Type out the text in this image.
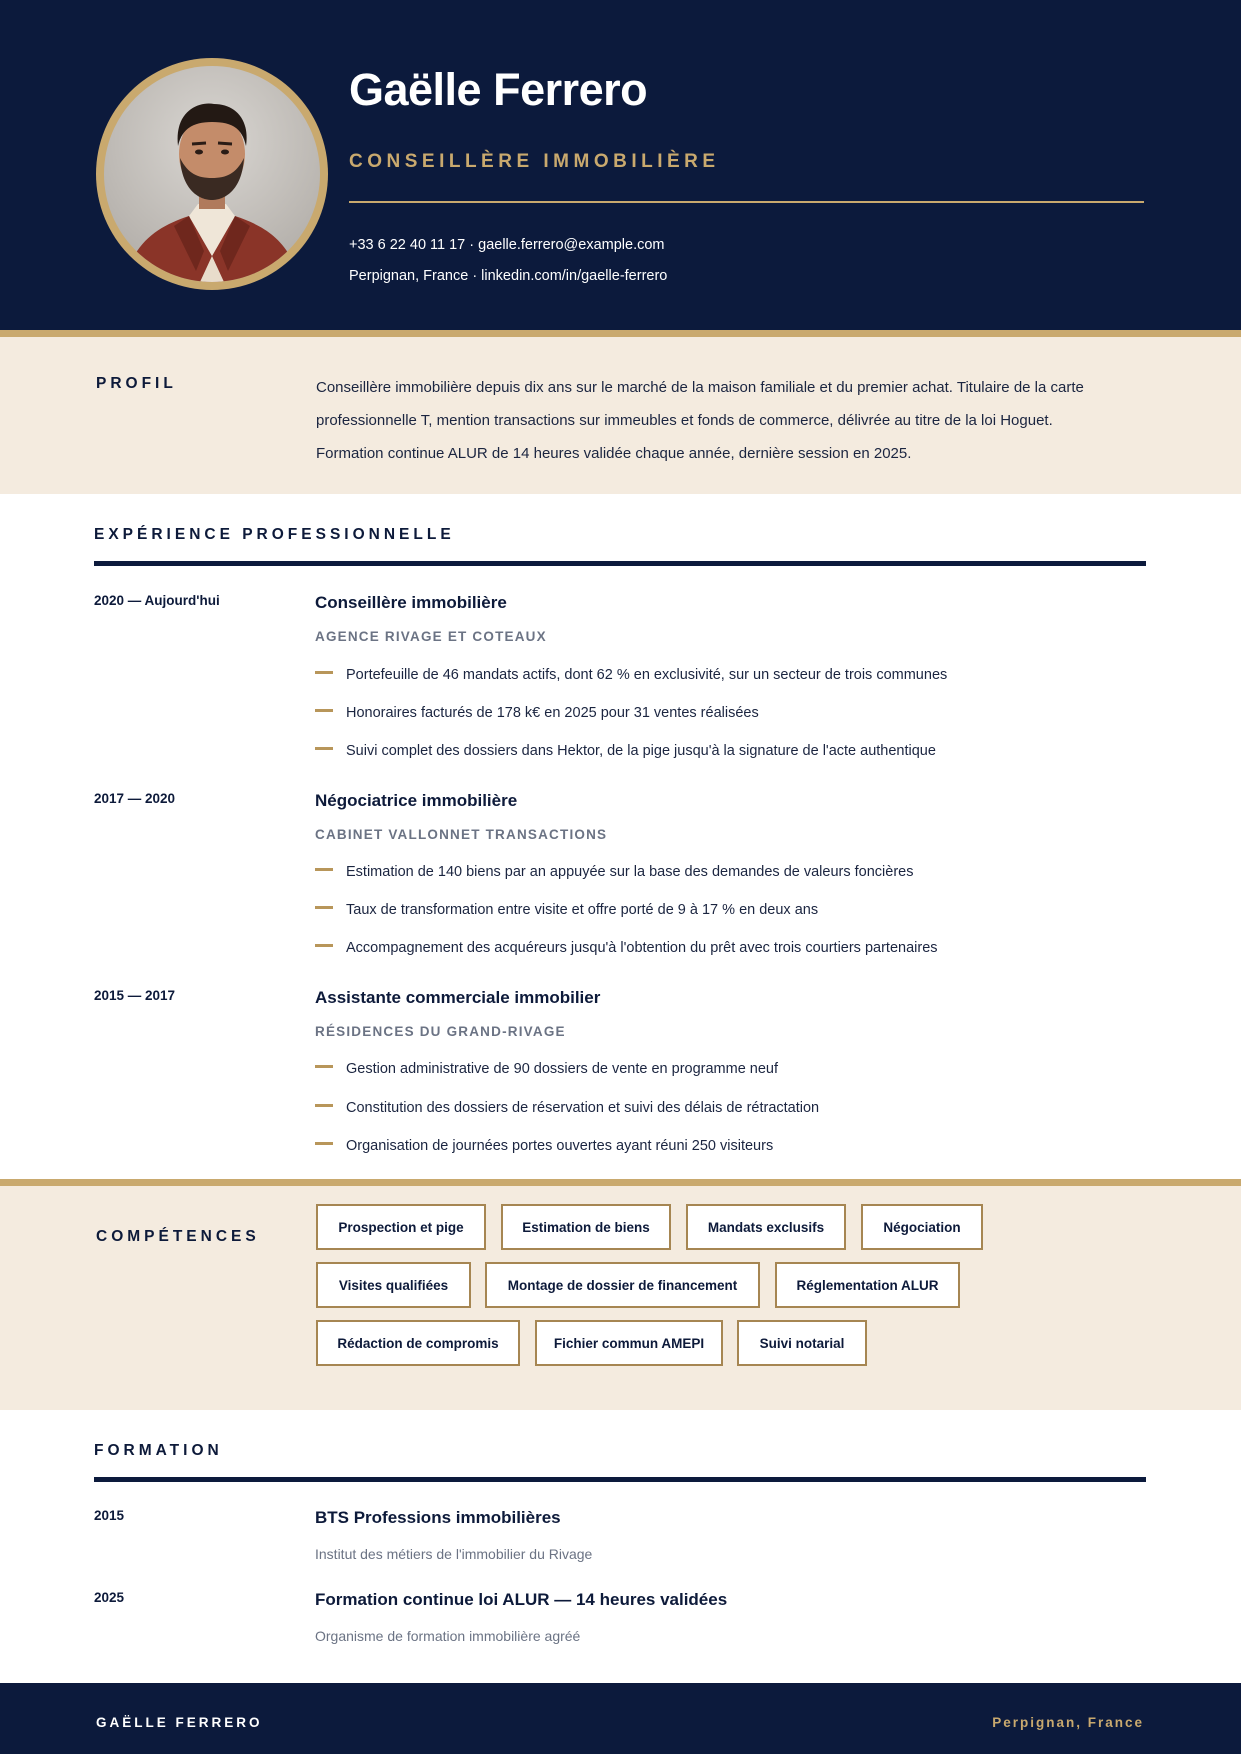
Gaëlle Ferrero
CONSEILLÈRE IMMOBILIÈRE
+33 6 22 40 11 17 · gaelle.ferrero@example.com
Perpignan, France · linkedin.com/in/gaelle-ferrero
PROFIL	Conseillère immobilière depuis dix ans sur le marché de la maison familiale et du premier achat. Titulaire de la carte professionnelle T, mention transactions sur immeubles et fonds de commerce, délivrée au titre de la loi Hoguet. Formation continue ALUR de 14 heures validée chaque année, dernière session en 2025.
EXPÉRIENCE PROFESSIONNELLE
2020 — Aujourd'hui	Conseillère immobilière
AGENCE RIVAGE ET COTEAUX
Portefeuille de 46 mandats actifs, dont 62 % en exclusivité, sur un secteur de trois communes
Honoraires facturés de 178 k€ en 2025 pour 31 ventes réalisées
Suivi complet des dossiers dans Hektor, de la pige jusqu'à la signature de l'acte authentique
2017 — 2020	Négociatrice immobilière
CABINET VALLONNET TRANSACTIONS
Estimation de 140 biens par an appuyée sur la base des demandes de valeurs foncières
Taux de transformation entre visite et offre porté de 9 à 17 % en deux ans
Accompagnement des acquéreurs jusqu'à l'obtention du prêt avec trois courtiers partenaires
2015 — 2017	Assistante commerciale immobilier
RÉSIDENCES DU GRAND-RIVAGE
Gestion administrative de 90 dossiers de vente en programme neuf
Constitution des dossiers de réservation et suivi des délais de rétractation
Organisation de journées portes ouvertes ayant réuni 250 visiteurs
COMPÉTENCES
Prospection et pige	Estimation de biens	Mandats exclusifs	Négociation
Visites qualifiées	Montage de dossier de financement	Réglementation ALUR
Rédaction de compromis	Fichier commun AMEPI	Suivi notarial
FORMATION
2015	BTS Professions immobilières
Institut des métiers de l'immobilier du Rivage
2025	Formation continue loi ALUR — 14 heures validées
Organisme de formation immobilière agréé
GAËLLE FERRERO	Perpignan, France
